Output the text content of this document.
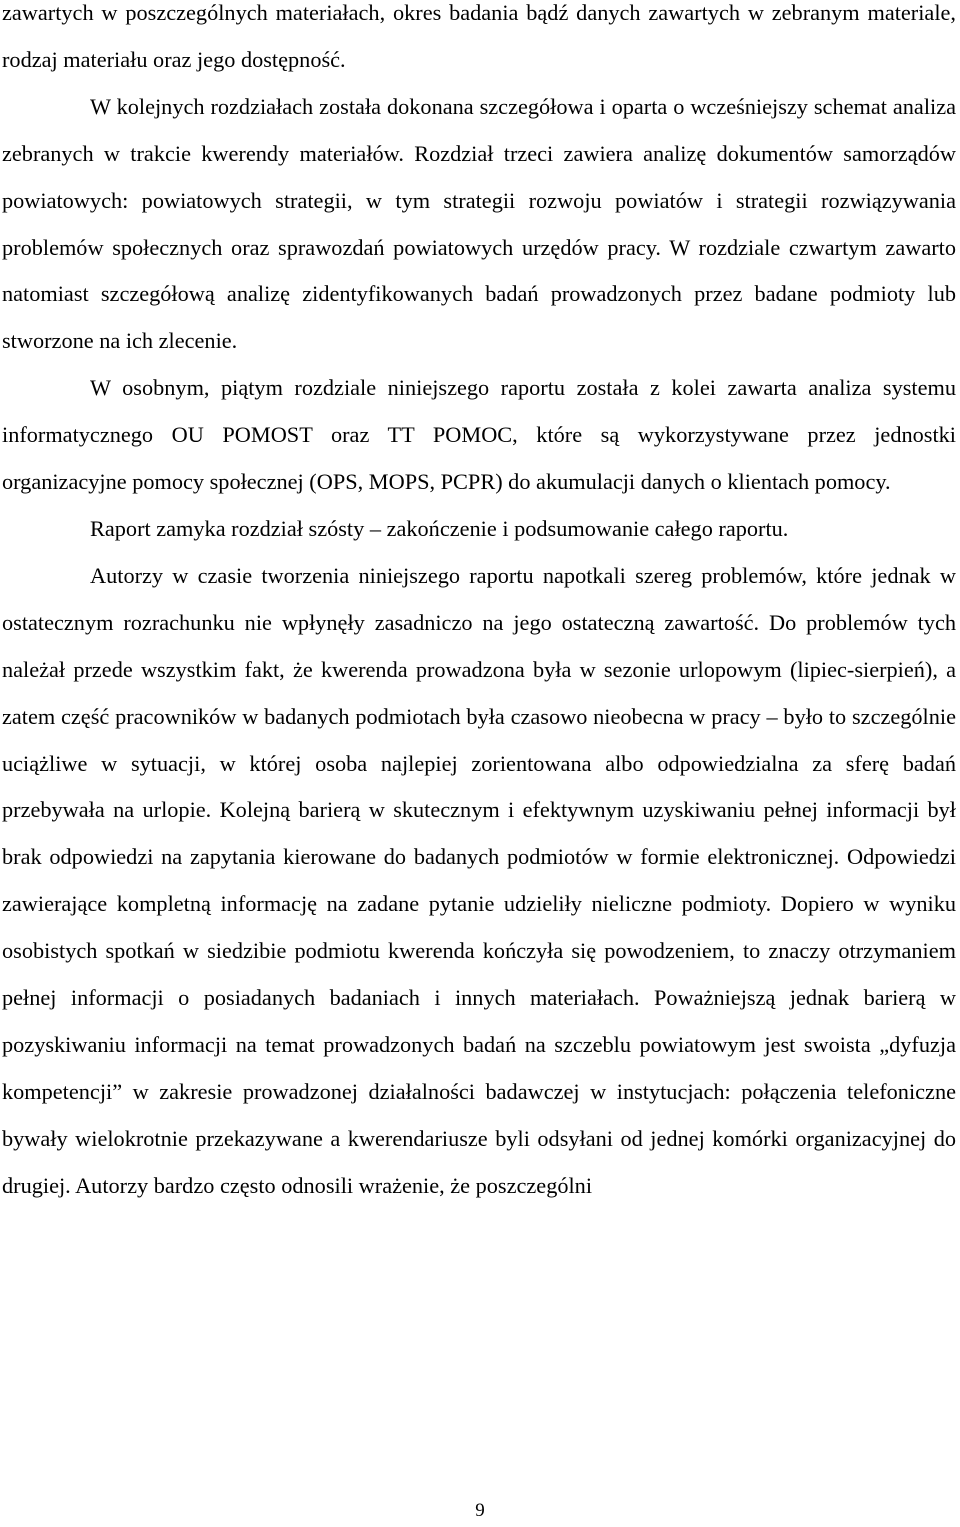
zawartych w poszczególnych materiałach, okres badania bądź danych zawartych w zebranym materiale, rodzaj materiału oraz jego dostępność.

W kolejnych rozdziałach została dokonana szczegółowa i oparta o wcześniejszy schemat analiza zebranych w trakcie kwerendy materiałów. Rozdział trzeci zawiera analizę dokumentów samorządów powiatowych: powiatowych strategii, w tym strategii rozwoju powiatów i strategii rozwiązywania problemów społecznych oraz sprawozdań powiatowych urzędów pracy. W rozdziale czwartym zawarto natomiast szczegółową analizę zidentyfikowanych badań prowadzonych przez badane podmioty lub stworzone na ich zlecenie.

W osobnym, piątym rozdziale niniejszego raportu została z kolei zawarta analiza systemu informatycznego OU POMOST oraz TT POMOC, które są wykorzystywane przez jednostki organizacyjne pomocy społecznej (OPS, MOPS, PCPR) do akumulacji danych o klientach pomocy.

Raport zamyka rozdział szósty – zakończenie i podsumowanie całego raportu.

Autorzy w czasie tworzenia niniejszego raportu napotkali szereg problemów, które jednak w ostatecznym rozrachunku nie wpłynęły zasadniczo na jego ostateczną zawartość. Do problemów tych należał przede wszystkim fakt, że kwerenda prowadzona była w sezonie urlopowym (lipiec-sierpień), a zatem część pracowników w badanych podmiotach była czasowo nieobecna w pracy – było to szczególnie uciążliwe w sytuacji, w której osoba najlepiej zorientowana albo odpowiedzialna za sferę badań przebywała na urlopie. Kolejną barierą w skutecznym i efektywnym uzyskiwaniu pełnej informacji był brak odpowiedzi na zapytania kierowane do badanych podmiotów w formie elektronicznej. Odpowiedzi zawierające kompletną informację na zadane pytanie udzieliły nieliczne podmioty. Dopiero w wyniku osobistych spotkań w siedzibie podmiotu kwerenda kończyła się powodzeniem, to znaczy otrzymaniem pełnej informacji o posiadanych badaniach i innych materiałach. Poważniejszą jednak barierą w pozyskiwaniu informacji na temat prowadzonych badań na szczeblu powiatowym jest swoista „dyfuzja kompetencji” w zakresie prowadzonej działalności badawczej w instytucjach: połączenia telefoniczne bywały wielokrotnie przekazywane a kwerendariusze byli odsyłani od jednej komórki organizacyjnej do drugiej. Autorzy bardzo często odnosili wrażenie, że poszczególni

9
